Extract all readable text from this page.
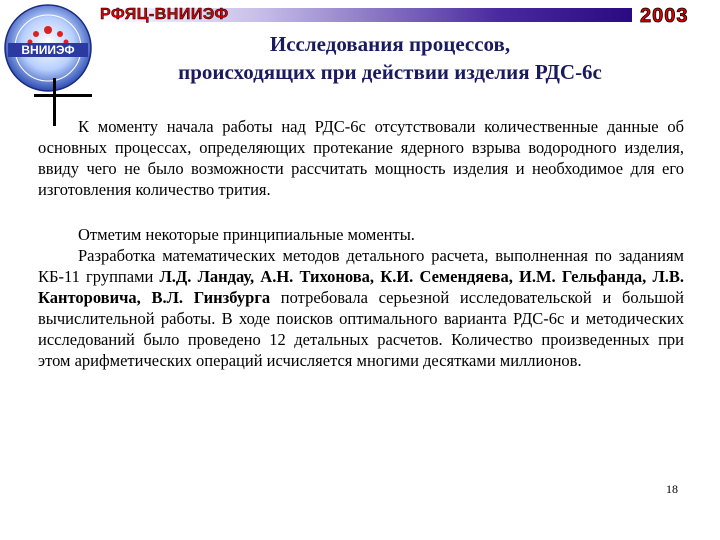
ВНИИЭФ
РФЯЦ-ВНИИЭФ	2003
Исследования процессов,
происходящих при действии изделия РДС-6с

К моменту начала работы над РДС-6с отсутствовали количественные данные об основных процессах, определяющих протекание ядерного взрыва водородного изделия, ввиду чего не было возможности рассчитать мощность изделия и необходимое для его изготовления количество трития.

Отметим некоторые принципиальные моменты.

Разработка математических методов детального расчета, выполненная по заданиям КБ-11 группами Л.Д. Ландау, А.Н. Тихонова, К.И. Семендяева, И.М. Гельфанда, Л.В. Канторовича, В.Л. Гинзбурга потребовала серьезной исследовательской и большой вычислительной работы. В ходе поисков оптимального варианта РДС-6с и методических исследований было проведено 12 детальных расчетов. Количество произведенных при этом арифметических операций исчисляется многими десятками миллионов.

18
